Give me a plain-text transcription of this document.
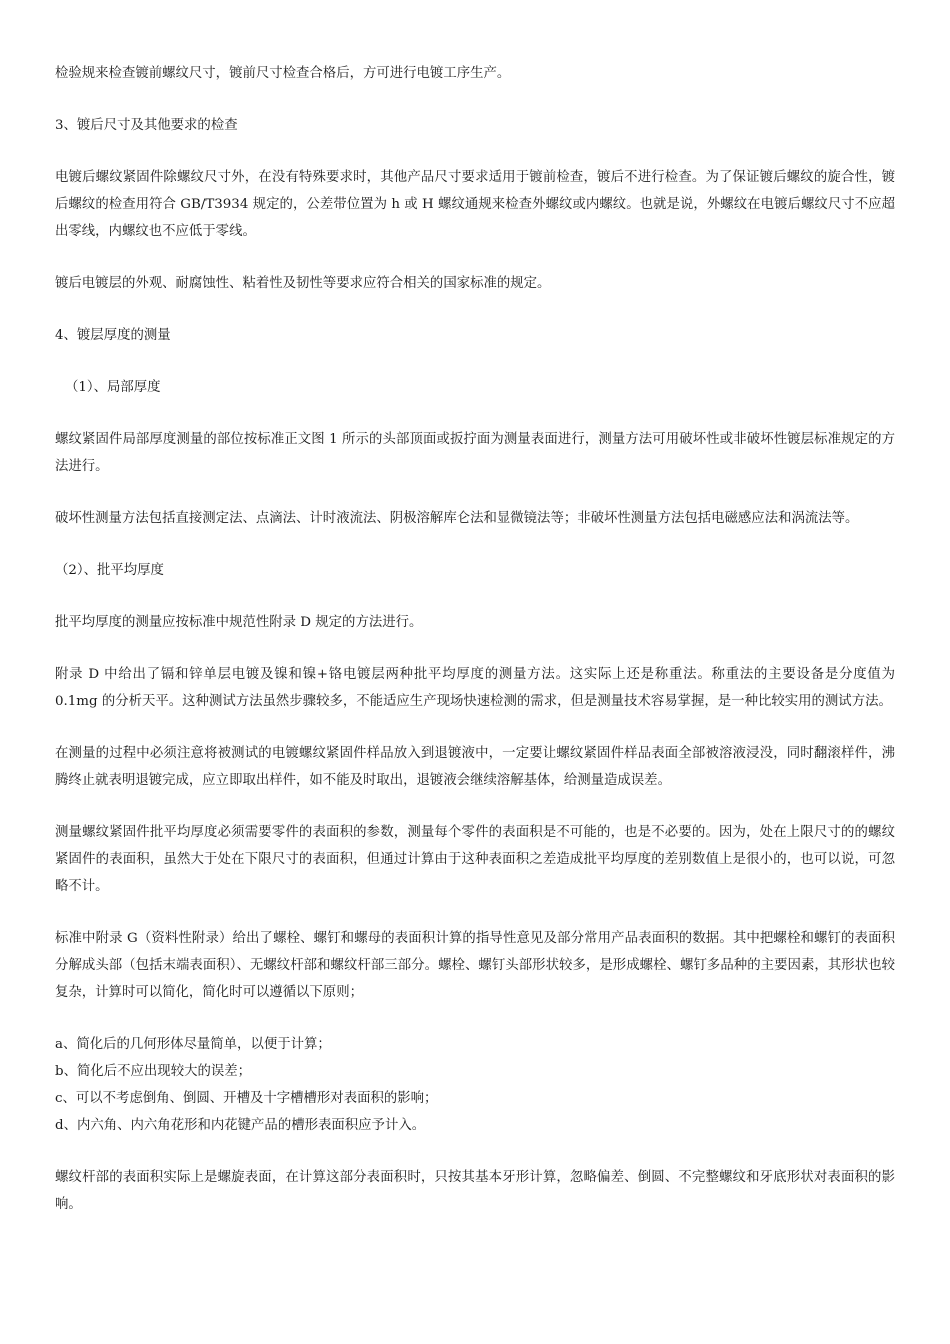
检验规来检查镀前螺纹尺寸，镀前尺寸检查合格后，方可进行电镀工序生产。

3、镀后尺寸及其他要求的检查

电镀后螺纹紧固件除螺纹尺寸外，在没有特殊要求时，其他产品尺寸要求适用于镀前检查，镀后不进行检查。为了保证镀后螺纹的旋合性，镀后螺纹的检查用符合 GB/T3934 规定的，公差带位置为 h 或 H 螺纹通规来检查外螺纹或内螺纹。也就是说，外螺纹在电镀后螺纹尺寸不应超出零线，内螺纹也不应低于零线。

镀后电镀层的外观、耐腐蚀性、粘着性及韧性等要求应符合相关的国家标准的规定。

4、镀层厚度的测量

（1）、局部厚度

螺纹紧固件局部厚度测量的部位按标准正文图 1 所示的头部顶面或扳拧面为测量表面进行，测量方法可用破坏性或非破坏性镀层标准规定的方法进行。

破坏性测量方法包括直接测定法、点滴法、计时液流法、阴极溶解库仑法和显微镜法等；非破坏性测量方法包括电磁感应法和涡流法等。

（2）、批平均厚度

批平均厚度的测量应按标准中规范性附录 D 规定的方法进行。

附录 D 中给出了镉和锌单层电镀及镍和镍+铬电镀层两种批平均厚度的测量方法。这实际上还是称重法。称重法的主要设备是分度值为 0.1mg 的分析天平。这种测试方法虽然步骤较多，不能适应生产现场快速检测的需求，但是测量技术容易掌握，是一种比较实用的测试方法。

在测量的过程中必须注意将被测试的电镀螺纹紧固件样品放入到退镀液中，一定要让螺纹紧固件样品表面全部被溶液浸没，同时翻滚样件，沸腾终止就表明退镀完成，应立即取出样件，如不能及时取出，退镀液会继续溶解基体，给测量造成误差。

测量螺纹紧固件批平均厚度必须需要零件的表面积的参数，测量每个零件的表面积是不可能的，也是不必要的。因为，处在上限尺寸的的螺纹紧固件的表面积，虽然大于处在下限尺寸的表面积，但通过计算由于这种表面积之差造成批平均厚度的差别数值上是很小的，也可以说，可忽略不计。

标准中附录 G（资料性附录）给出了螺栓、螺钉和螺母的表面积计算的指导性意见及部分常用产品表面积的数据。其中把螺栓和螺钉的表面积分解成头部（包括末端表面积）、无螺纹杆部和螺纹杆部三部分。螺栓、螺钉头部形状较多，是形成螺栓、螺钉多品种的主要因素，其形状也较复杂，计算时可以简化，简化时可以遵循以下原则；

a、简化后的几何形体尽量简单，以便于计算；

b、简化后不应出现较大的误差；

c、可以不考虑倒角、倒圆、开槽及十字槽槽形对表面积的影响；

d、内六角、内六角花形和内花键产品的槽形表面积应予计入。

螺纹杆部的表面积实际上是螺旋表面，在计算这部分表面积时，只按其基本牙形计算，忽略偏差、倒圆、不完整螺纹和牙底形状对表面积的影响。
